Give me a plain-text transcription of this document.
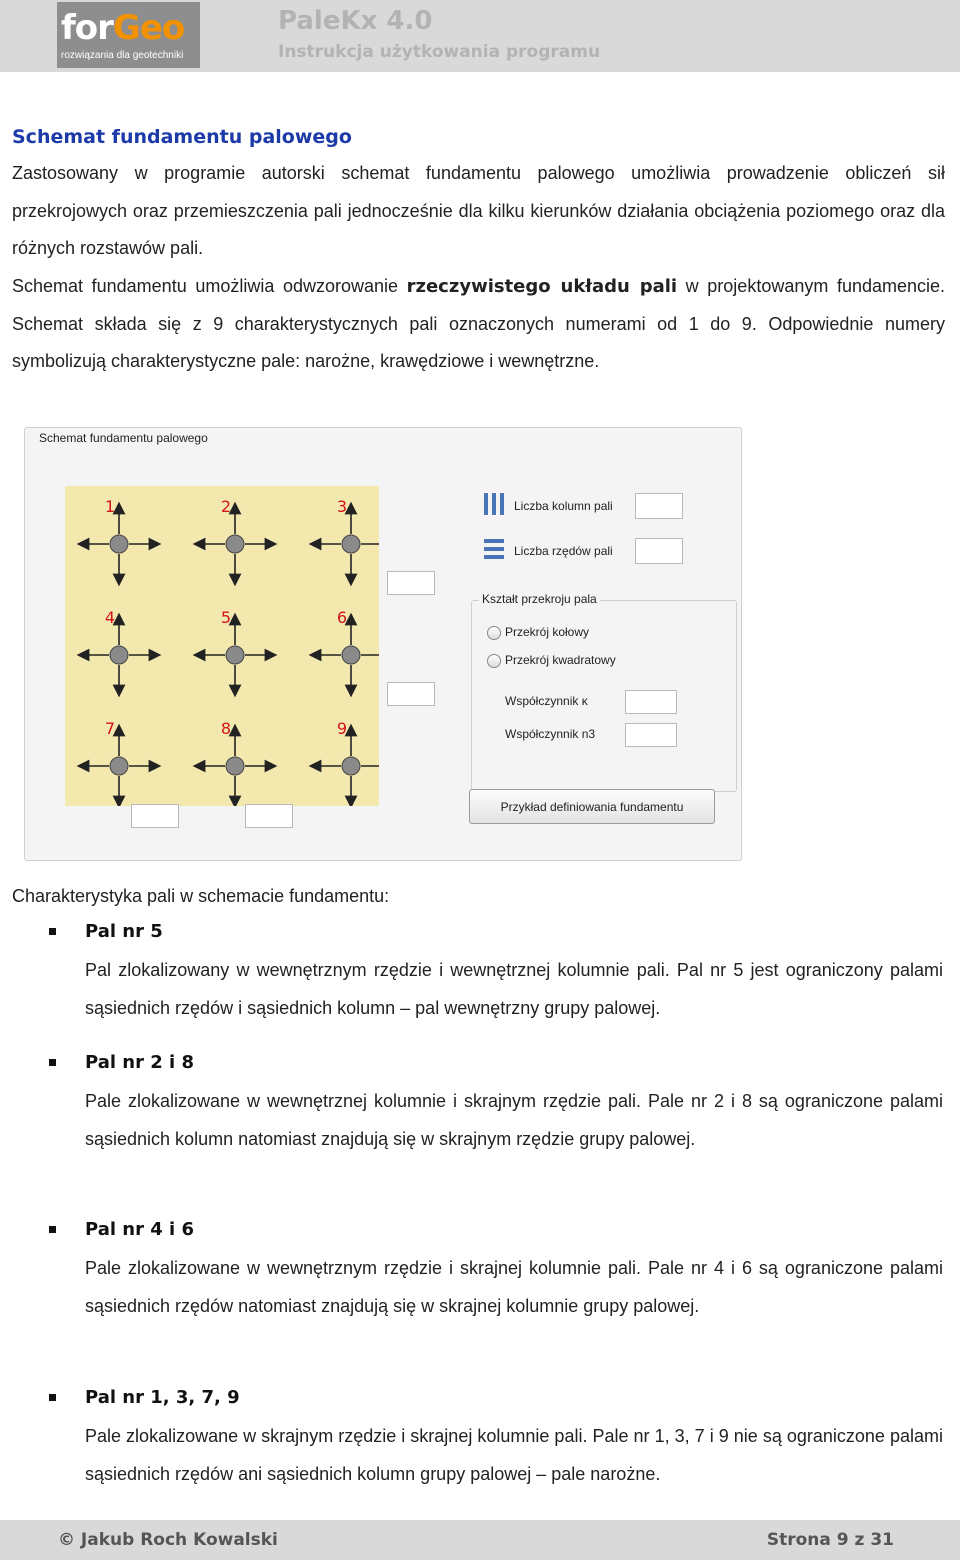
forGeo
rozwiązania dla geotechniki
PaleKx 4.0
Instrukcja użytkowania programu
Schemat fundamentu palowego
Zastosowany w programie autorski schemat fundamentu palowego umożliwia prowadzenie obliczeń sił przekrojowych oraz przemieszczenia pali jednocześnie dla kilku kierunków działania obciążenia poziomego oraz dla różnych rozstawów pali.
Schemat fundamentu umożliwia odwzorowanie rzeczywistego układu pali w projektowanym fundamencie. Schemat składa się z 9 charakterystycznych pali oznaczonych numerami od 1 do 9. Odpowiednie numery symbolizują charakterystyczne pale: narożne, krawędziowe i wewnętrzne.
Schemat fundamentu palowego
1	2	3
4	5	6
7	8	9
Liczba kolumn pali
Liczba rzędów pali
Kształt przekroju pala
Przekrój kołowy
Przekrój kwadratowy
Współczynnik κ
Współczynnik n3
Przykład definiowania fundamentu
Charakterystyka pali w schemacie fundamentu:
Pal nr 5
Pal zlokalizowany w wewnętrznym rzędzie i wewnętrznej kolumnie pali. Pal nr 5 jest ograniczony palami sąsiednich rzędów i sąsiednich kolumn – pal wewnętrzny grupy palowej.
Pal nr 2 i 8
Pale zlokalizowane w wewnętrznej kolumnie i skrajnym rzędzie pali. Pale nr 2 i 8 są ograniczone palami sąsiednich kolumn natomiast znajdują się w skrajnym rzędzie grupy palowej.
Pal nr 4 i 6
Pale zlokalizowane w wewnętrznym rzędzie i skrajnej kolumnie pali. Pale nr 4 i 6 są ograniczone palami sąsiednich rzędów natomiast znajdują się w skrajnej kolumnie grupy palowej.
Pal nr 1, 3, 7, 9
Pale zlokalizowane w skrajnym rzędzie i skrajnej kolumnie pali. Pale nr 1, 3, 7 i 9 nie są ograniczone palami sąsiednich rzędów ani sąsiednich kolumn grupy palowej – pale narożne.
© Jakub Roch Kowalski	Strona 9 z 31
